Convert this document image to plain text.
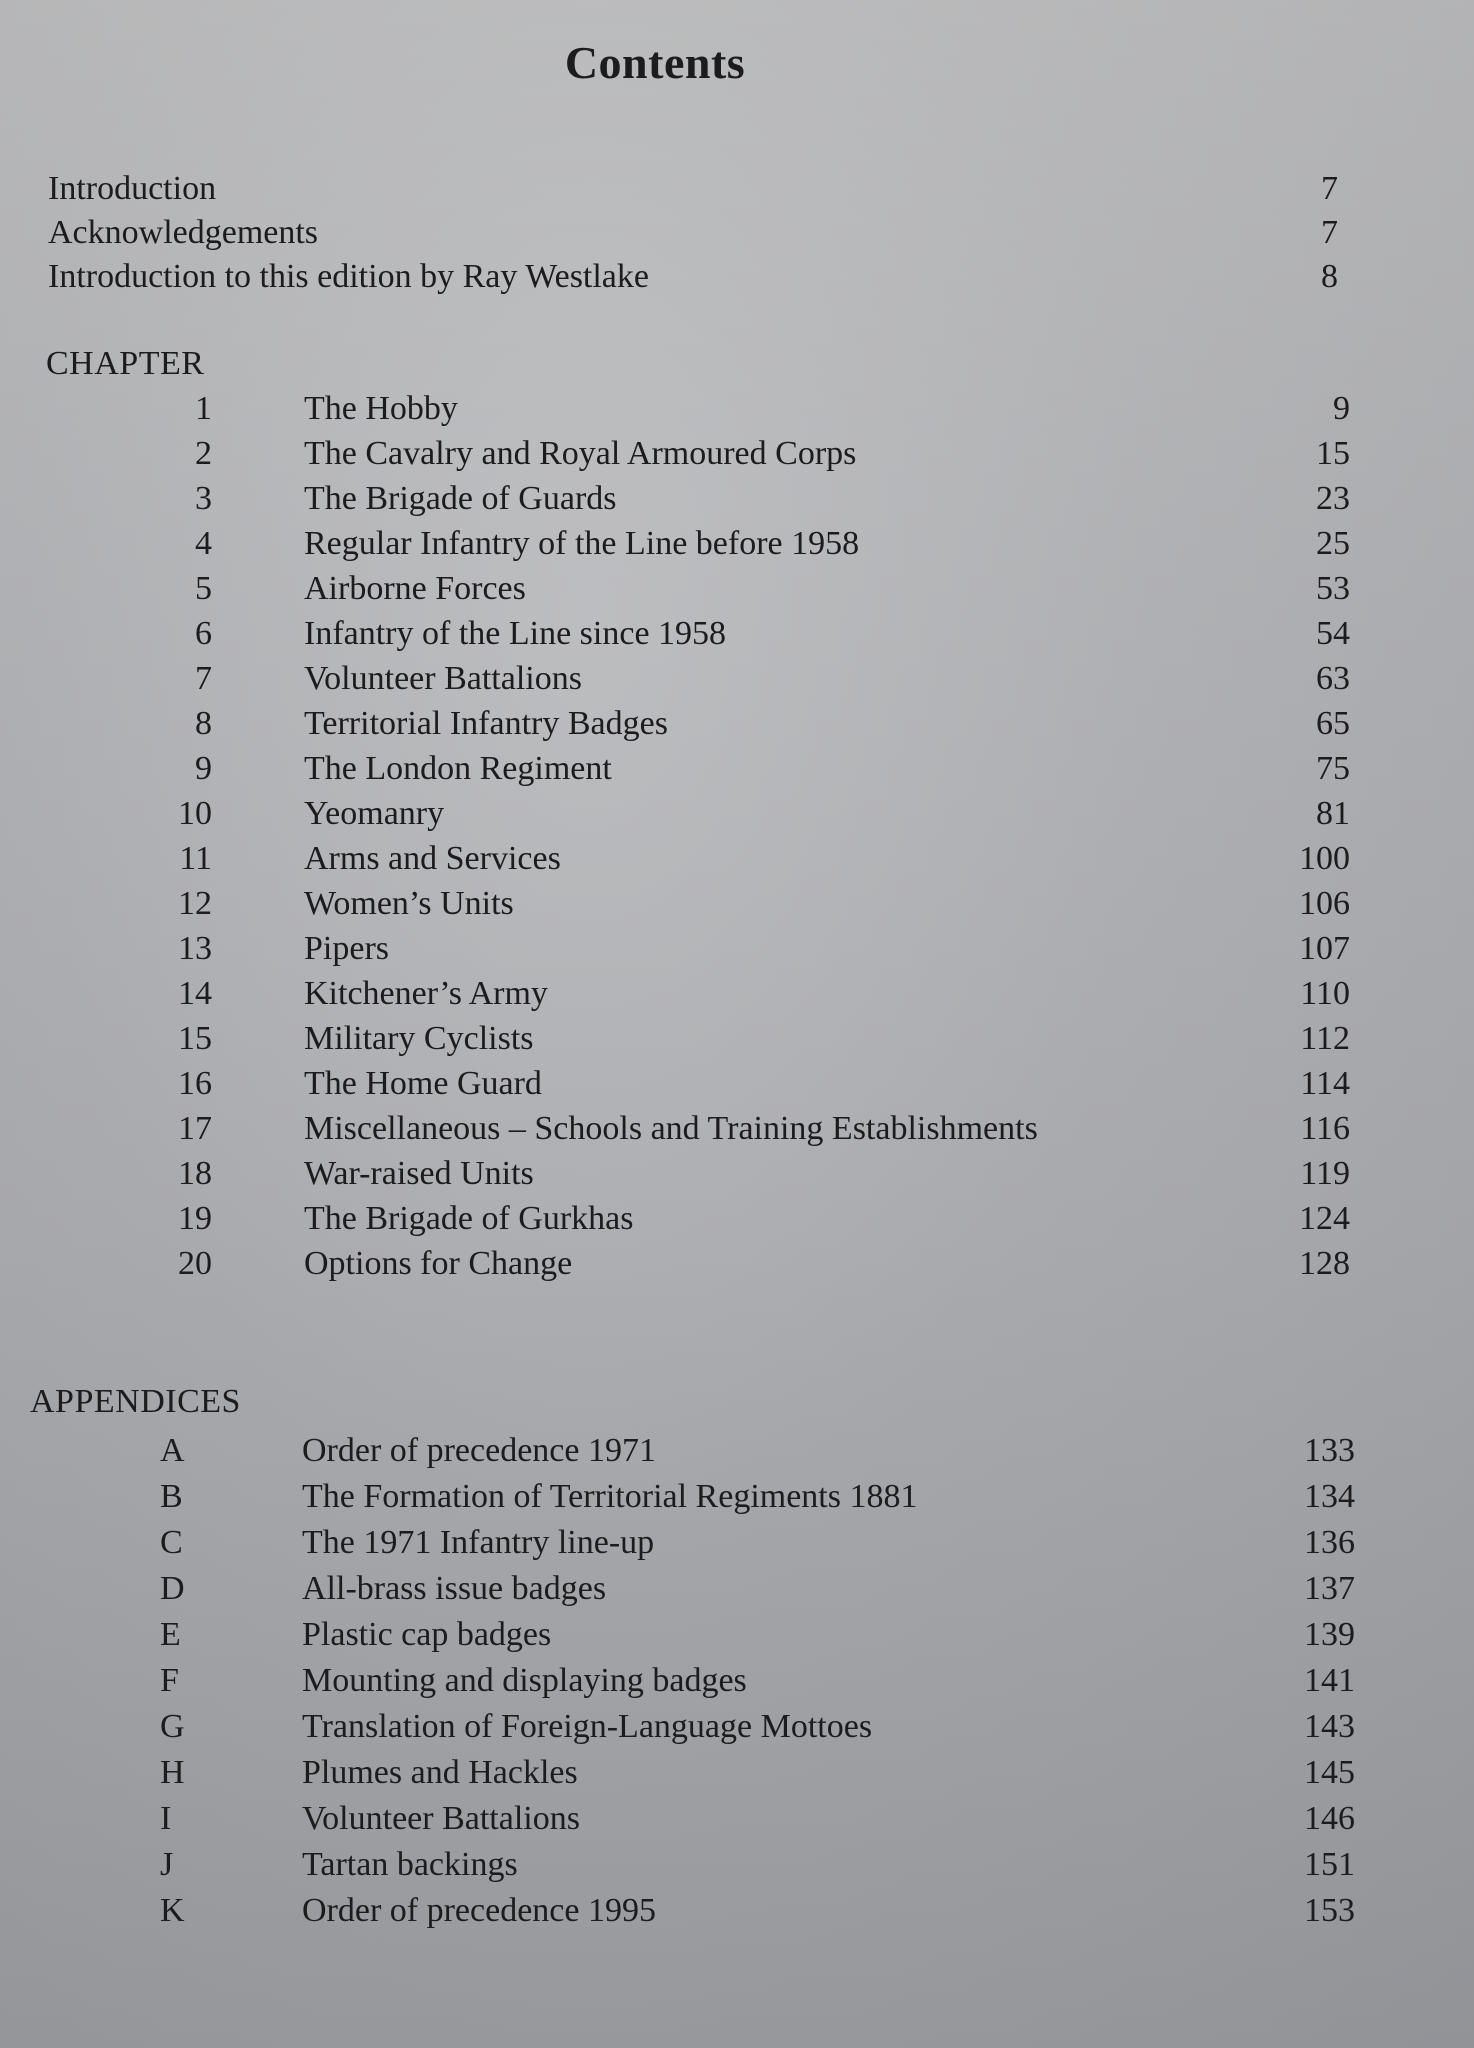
Contents
Introduction	7
Acknowledgements	7
Introduction to this edition by Ray Westlake	8
CHAPTER
1	The Hobby	9
2	The Cavalry and Royal Armoured Corps	15
3	The Brigade of Guards	23
4	Regular Infantry of the Line before 1958	25
5	Airborne Forces	53
6	Infantry of the Line since 1958	54
7	Volunteer Battalions	63
8	Territorial Infantry Badges	65
9	The London Regiment	75
10	Yeomanry	81
11	Arms and Services	100
12	Women’s Units	106
13	Pipers	107
14	Kitchener’s Army	110
15	Military Cyclists	112
16	The Home Guard	114
17	Miscellaneous – Schools and Training Establishments	116
18	War-raised Units	119
19	The Brigade of Gurkhas	124
20	Options for Change	128
APPENDICES
A	Order of precedence 1971	133
B	The Formation of Territorial Regiments 1881	134
C	The 1971 Infantry line-up	136
D	All-brass issue badges	137
E	Plastic cap badges	139
F	Mounting and displaying badges	141
G	Translation of Foreign-Language Mottoes	143
H	Plumes and Hackles	145
I	Volunteer Battalions	146
J	Tartan backings	151
K	Order of precedence 1995	153
